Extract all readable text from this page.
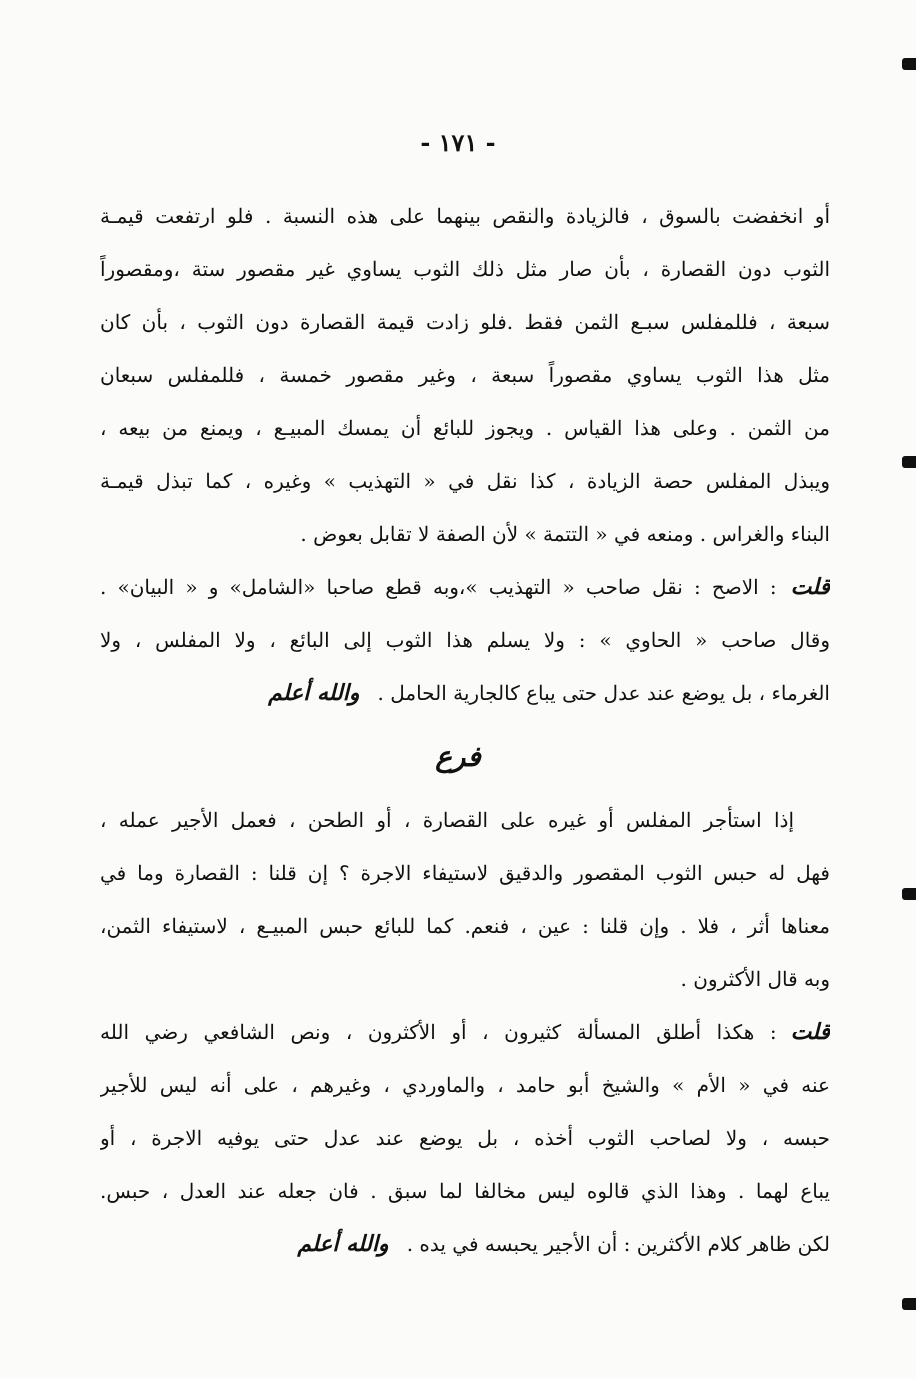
- ١٧١ -
أو انخفضت بالسوق ، فالزيادة والنقص بينهما على هذه النسبة . فلو ارتفعت قيمـة
الثوب دون القصارة ، بأن صار مثل ذلك الثوب يساوي غير مقصور ستة ،ومقصوراً
سبعة ، فللمفلس سبـع الثمن فقط .فلو زادت قيمة القصارة دون الثوب ، بأن كان
مثل هذا الثوب يساوي مقصوراً سبعة ، وغير مقصور خمسة ، فللمفلس سبعان
من الثمن . وعلى هذا القياس . ويجوز للبائع أن يمسك المبيـع ، ويمنع من بيعه ،
ويبذل المفلس حصة الزيادة ، كذا نقل في « التهذيب » وغيره ، كما تبذل قيمـة
البناء والغراس . ومنعه في « التتمة » لأن الصفة لا تقابل بعوض .
قلت: الاصح : نقل صاحب « التهذيب »،وبه قطع صاحبا «الشامل» و « البيان» .
وقال صاحب « الحاوي » : ولا يسلم هذا الثوب إلى البائع ، ولا المفلس ، ولا
الغرماء ، بل يوضع عند عدل حتى يباع كالجارية الحامل .والله أعلم
فرع
إذا استأجر المفلس أو غيره على القصارة ، أو الطحن ، فعمل الأجير عمله ،
فهل له حبس الثوب المقصور والدقيق لاستيفاء الاجرة ؟ إن قلنا : القصارة وما في
معناها أثر ، فلا . وإن قلنا : عين ، فنعم. كما للبائع حبس المبيـع ، لاستيفاء الثمن،
وبه قال الأكثرون .
قلت: هكذا أطلق المسألة كثيرون ، أو الأكثرون ، ونص الشافعي رضي الله
عنه في « الأم » والشيخ أبو حامد ، والماوردي ، وغيرهم ، على أنه ليس للأجير
حبسه ، ولا لصاحب الثوب أخذه ، بل يوضع عند عدل حتى يوفيه الاجرة ، أو
يباع لهما . وهذا الذي قالوه ليس مخالفا لما سبق . فان جعله عند العدل ، حبس.
لكن ظاهر كلام الأكثرين : أن الأجير يحبسه في يده .والله أعلم
